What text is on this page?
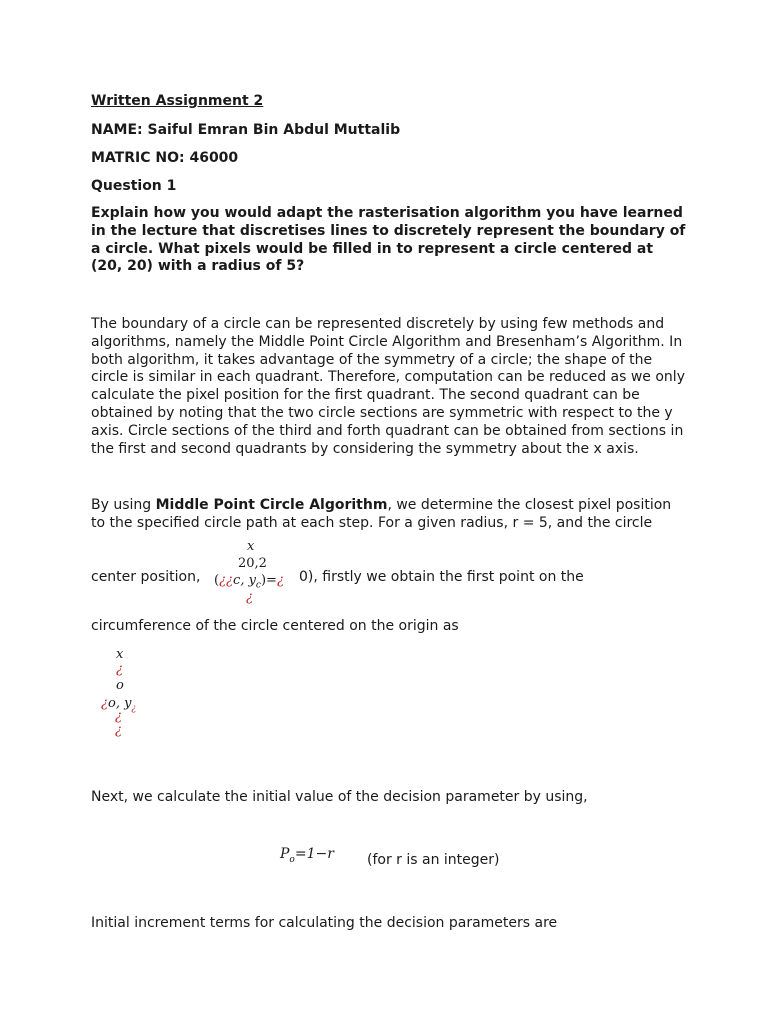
Written Assignment 2
NAME: Saiful Emran Bin Abdul Muttalib
MATRIC NO: 46000
Question 1
Explain how you would adapt the rasterisation algorithm you have learned
in the lecture that discretises lines to discretely represent the boundary of
a circle. What pixels would be filled in to represent a circle centered at
(20, 20) with a radius of 5?
The boundary of a circle can be represented discretely by using few methods and
algorithms, namely the Middle Point Circle Algorithm and Bresenham’s Algorithm. In
both algorithm, it takes advantage of the symmetry of a circle; the shape of the
circle is similar in each quadrant. Therefore, computation can be reduced as we only
calculate the pixel position for the first quadrant. The second quadrant can be
obtained by noting that the two circle sections are symmetric with respect to the y
axis. Circle sections of the third and forth quadrant can be obtained from sections in
the first and second quadrants by considering the symmetry about the x axis.
By using Middle Point Circle Algorithm, we determine the closest pixel position
to the specified circle path at each step. For a given radius, r = 5, and the circle
center position,
x
20,2
(¿¿c, $y_c)=¿$
¿
0), firstly we obtain the first point on the
circumference of the circle centered on the origin as
x
¿
o
¿o, $y_¿$
¿
¿
Next, we calculate the initial value of the decision parameter by using,
$P_o=1-r$ (for r is an integer)
Initial increment terms for calculating the decision parameters are
